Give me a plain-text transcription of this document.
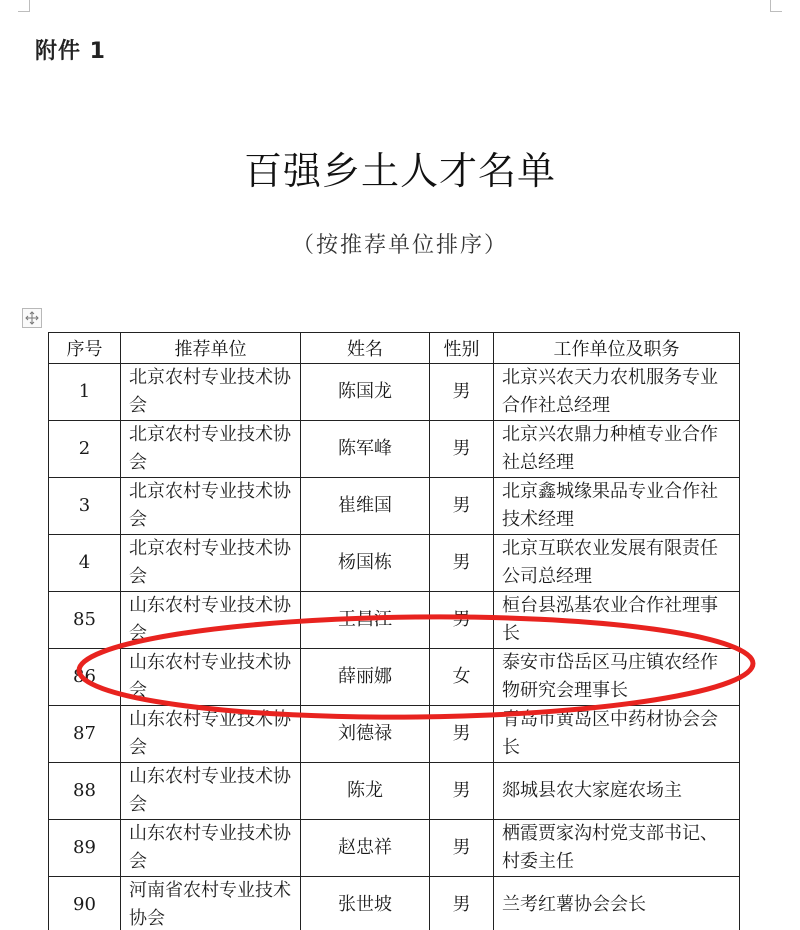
附件 1
百强乡土人才名单
（按推荐单位排序）
序号	推荐单位	姓名	性别	工作单位及职务
1	北京农村专业技术协会	陈国龙	男	北京兴农天力农机服务专业合作社总经理
2	北京农村专业技术协会	陈军峰	男	北京兴农鼎力种植专业合作社总经理
3	北京农村专业技术协会	崔维国	男	北京鑫城缘果品专业合作社技术经理
4	北京农村专业技术协会	杨国栋	男	北京互联农业发展有限责任公司总经理
85	山东农村专业技术协会	王昌江	男	桓台县泓基农业合作社理事长
86	山东农村专业技术协会	薛丽娜	女	泰安市岱岳区马庄镇农经作物研究会理事长
87	山东农村专业技术协会	刘德禄	男	青岛市黄岛区中药材协会会长
88	山东农村专业技术协会	陈龙	男	郯城县农大家庭农场主
89	山东农村专业技术协会	赵忠祥	男	栖霞贾家沟村党支部书记、村委主任
90	河南省农村专业技术协会	张世坡	男	兰考红薯协会会长
